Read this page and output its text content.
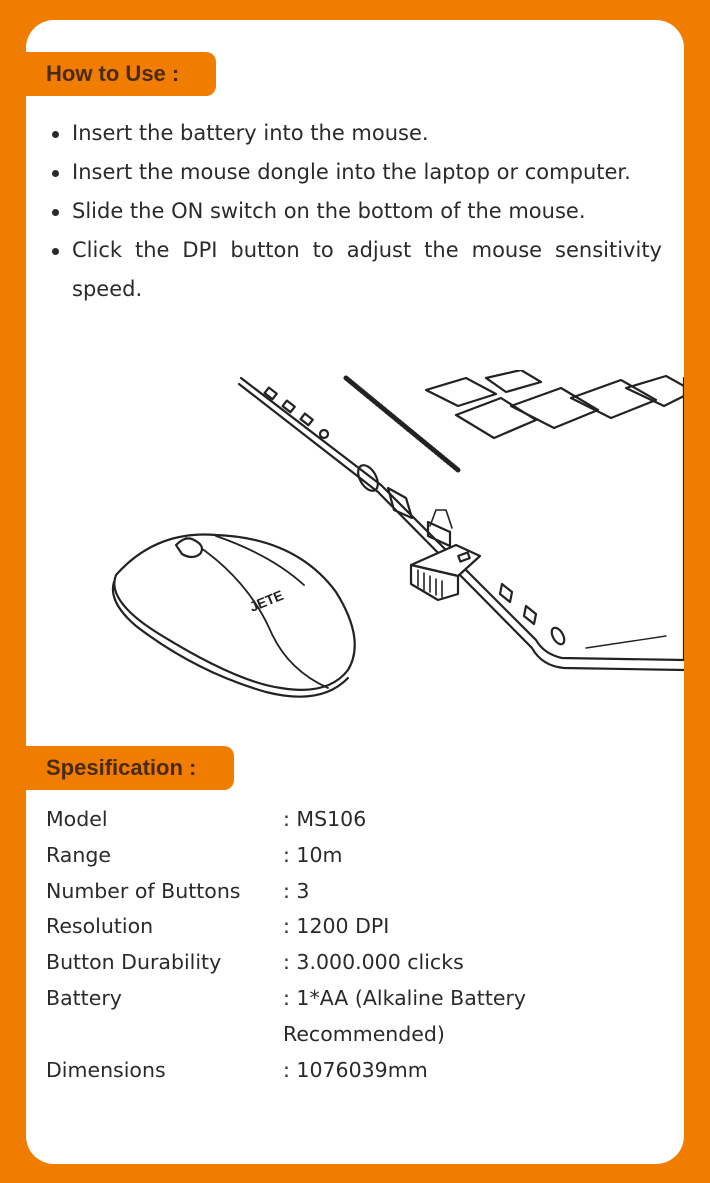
How to Use :
Insert the battery into the mouse.
Insert the mouse dongle into the laptop or computer.
Slide the ON switch on the bottom of the mouse.
Click the DPI button to adjust the mouse sensitivity speed.
JETE
Spesification :
Model	: MS106
Range	: 10m
Number of Buttons	: 3
Resolution	: 1200 DPI
Button Durability	: 3.000.000 clicks
Battery	: 1*AA (Alkaline Battery
Recommended)
Dimensions	: 1076039mm
